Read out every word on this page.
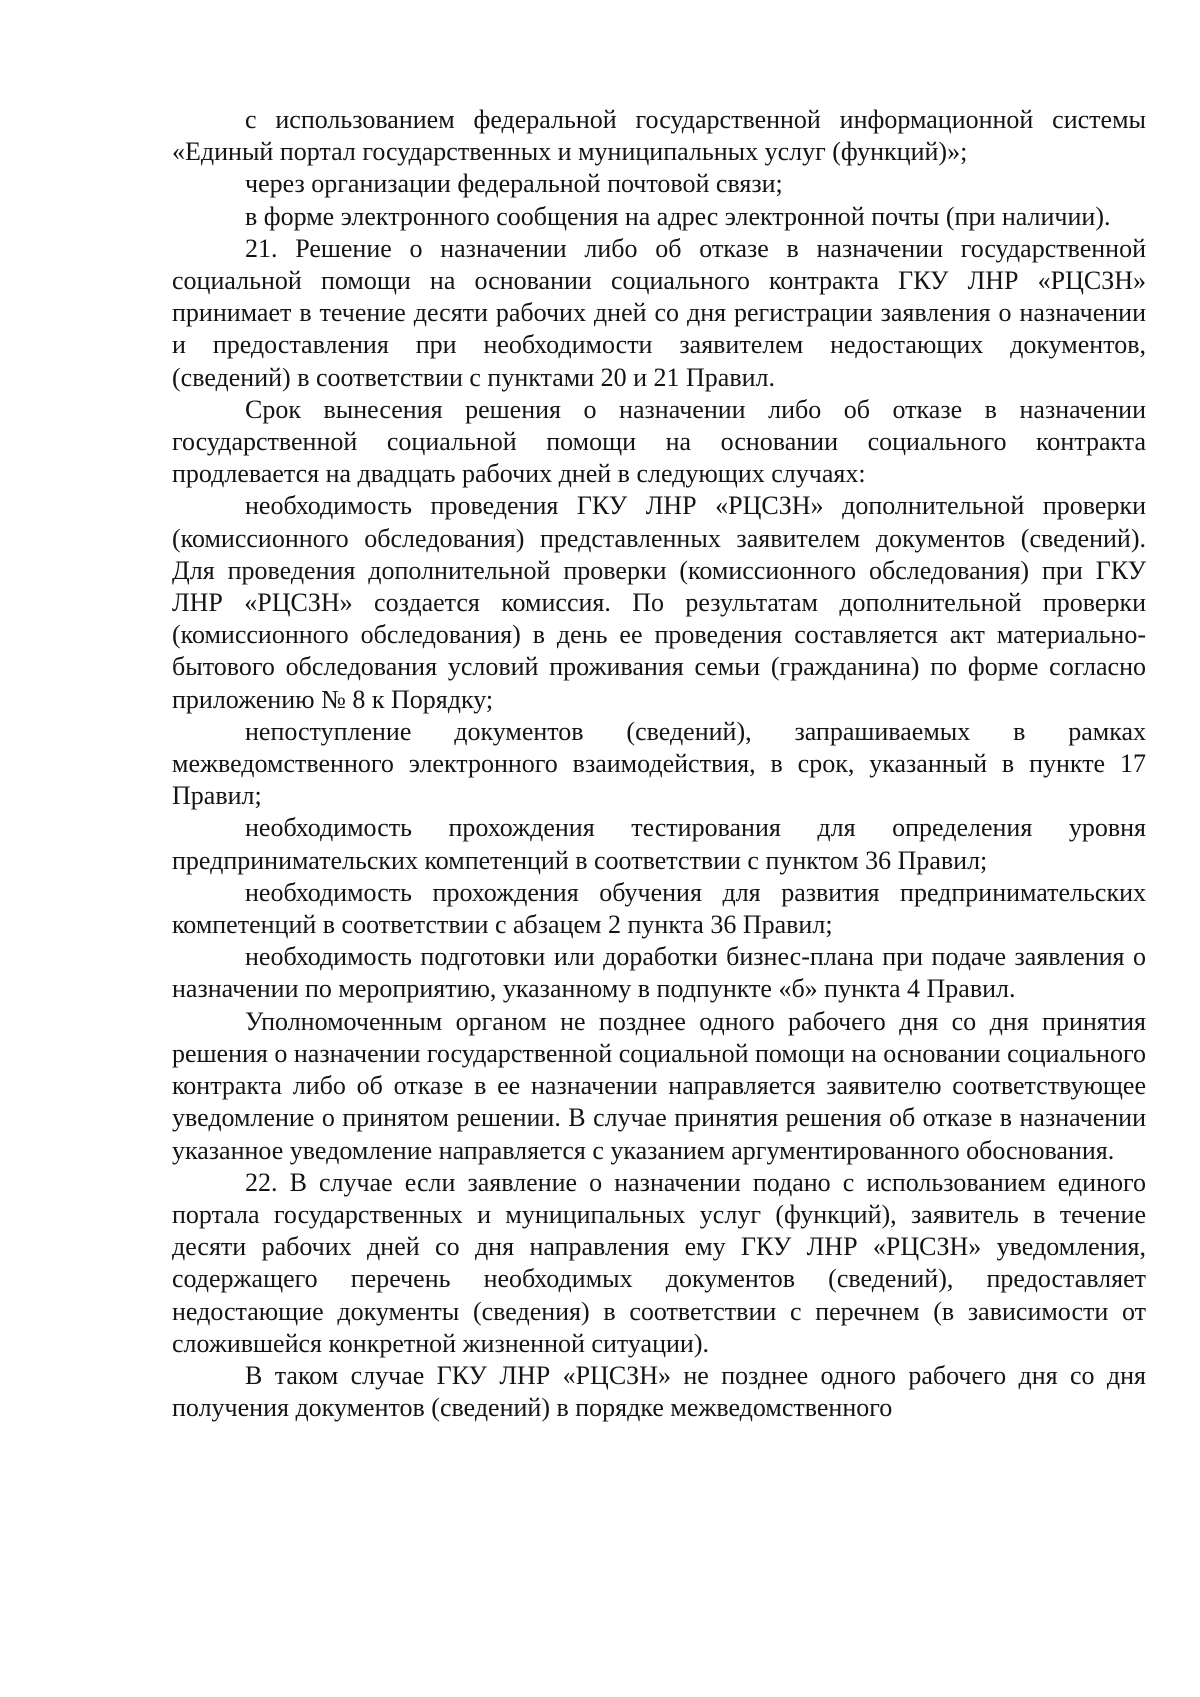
с использованием федеральной государственной информационной системы «Единый портал государственных и муниципальных услуг (функций)»;

через организации федеральной почтовой связи;

в форме электронного сообщения на адрес электронной почты (при наличии).

21. Решение о назначении либо об отказе в назначении государственной социальной помощи на основании социального контракта ГКУ ЛНР «РЦСЗН» принимает в течение десяти рабочих дней со дня регистрации заявления о назначении и предоставления при необходимости заявителем недостающих документов, (сведений) в соответствии с пунктами 20 и 21 Правил.

Срок вынесения решения о назначении либо об отказе в назначении государственной социальной помощи на основании социального контракта продлевается на двадцать рабочих дней в следующих случаях:

необходимость проведения ГКУ ЛНР «РЦСЗН» дополнительной проверки (комиссионного обследования) представленных заявителем документов (сведений). Для проведения дополнительной проверки (комиссионного обследования) при ГКУ ЛНР «РЦСЗН» создается комиссия. По результатам дополнительной проверки (комиссионного обследования) в день ее проведения составляется акт материально-бытового обследования условий проживания семьи (гражданина) по форме согласно приложению № 8 к Порядку;

непоступление документов (сведений), запрашиваемых в рамках межведомственного электронного взаимодействия, в срок, указанный в пункте 17 Правил;

необходимость прохождения тестирования для определения уровня предпринимательских компетенций в соответствии с пунктом 36 Правил;

необходимость прохождения обучения для развития предпринимательских компетенций в соответствии с абзацем 2 пункта 36 Правил;

необходимость подготовки или доработки бизнес-плана при подаче заявления о назначении по мероприятию, указанному в подпункте «б» пункта 4 Правил.

Уполномоченным органом не позднее одного рабочего дня со дня принятия решения о назначении государственной социальной помощи на основании социального контракта либо об отказе в ее назначении направляется заявителю соответствующее уведомление о принятом решении. В случае принятия решения об отказе в назначении указанное уведомление направляется с указанием аргументированного обоснования.

22. В случае если заявление о назначении подано с использованием единого портала государственных и муниципальных услуг (функций), заявитель в течение десяти рабочих дней со дня направления ему ГКУ ЛНР «РЦСЗН» уведомления, содержащего перечень необходимых документов (сведений), предоставляет недостающие документы (сведения) в соответствии с перечнем (в зависимости от сложившейся конкретной жизненной ситуации).

В таком случае ГКУ ЛНР «РЦСЗН» не позднее одного рабочего дня со дня получения документов (сведений) в порядке межведомственного
